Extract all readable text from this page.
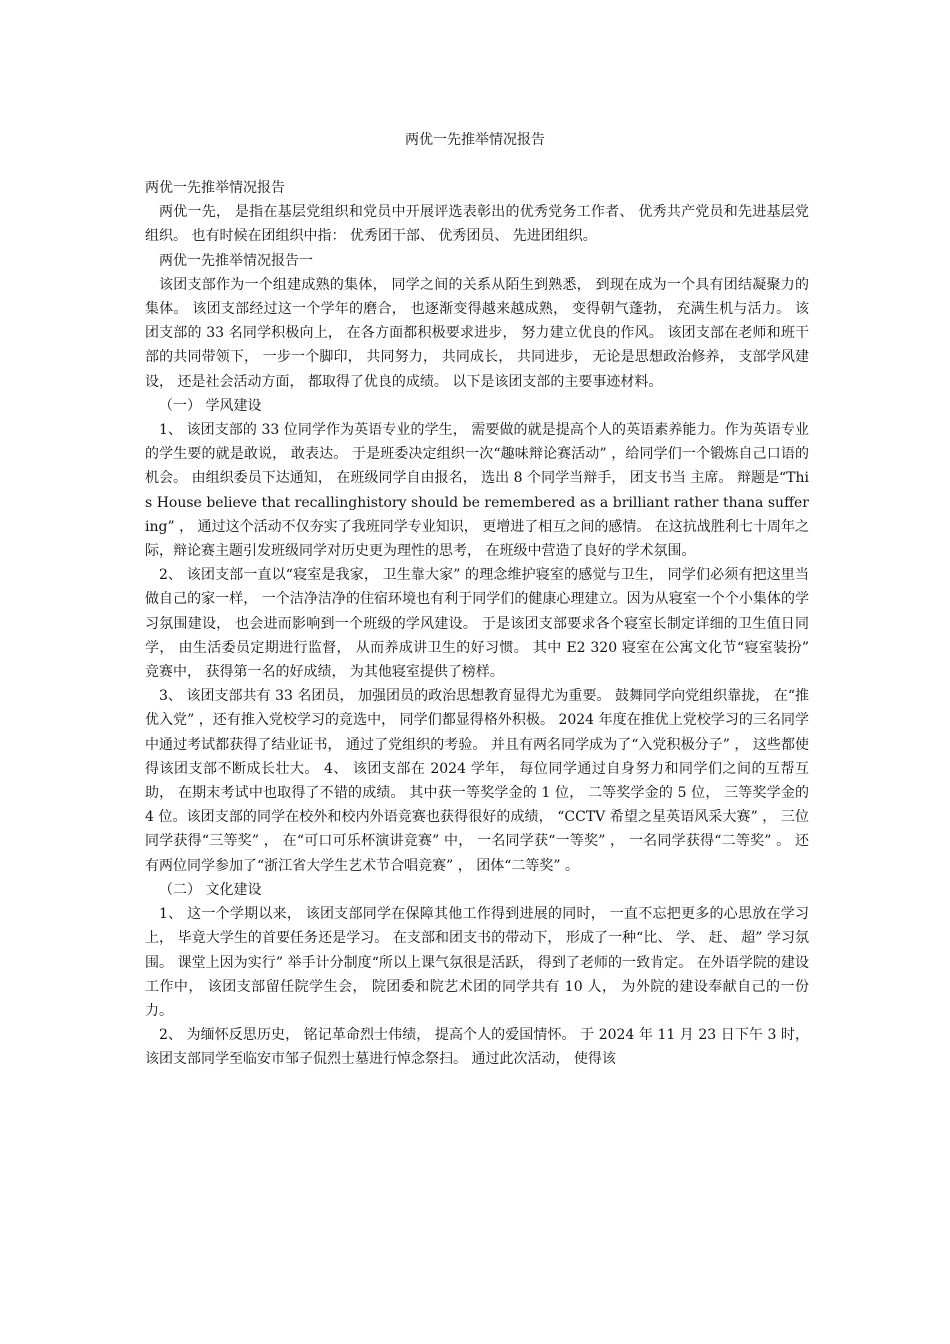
两优一先推举情况报告

两优一先推举情况报告

两优一先， 是指在基层党组织和党员中开展评选表彰出的优秀党务工作者、 优秀共产党员和先进基层党组织。 也有时候在团组织中指： 优秀团干部、 优秀团员、 先进团组织。

两优一先推举情况报告一

该团支部作为一个组建成熟的集体， 同学之间的关系从陌生到熟悉， 到现在成为一个具有团结凝聚力的集体。 该团支部经过这一个学年的磨合， 也逐渐变得越来越成熟， 变得朝气蓬勃， 充满生机与活力。 该团支部的 33 名同学积极向上， 在各方面都积极要求进步， 努力建立优良的作风。 该团支部在老师和班干部的共同带领下， 一步一个脚印， 共同努力， 共同成长， 共同进步， 无论是思想政治修养， 支部学风建设， 还是社会活动方面， 都取得了优良的成绩。 以下是该团支部的主要事迹材料。

（一） 学风建设

1、 该团支部的 33 位同学作为英语专业的学生， 需要做的就是提高个人的英语素养能力。作为英语专业的学生要的就是敢说， 敢表达。 于是班委决定组织一次“趣味辩论赛活动” ，给同学们一个锻炼自己口语的机会。 由组织委员下达通知， 在班级同学自由报名， 选出 8 个同学当辩手， 团支书当 主席。 辩题是“This House believe that recallinghistory should be remembered as a brilliant rather thana suffering” ， 通过这个活动不仅夯实了我班同学专业知识， 更增进了相互之间的感情。 在这抗战胜利七十周年之际，辩论赛主题引发班级同学对历史更为理性的思考， 在班级中营造了良好的学术氛围。

2、 该团支部一直以“寝室是我家， 卫生靠大家” 的理念维护寝室的感觉与卫生， 同学们必须有把这里当做自己的家一样， 一个洁净洁净的住宿环境也有利于同学们的健康心理建立。因为从寝室一个个小集体的学习氛围建设， 也会进而影响到一个班级的学风建设。 于是该团支部要求各个寝室长制定详细的卫生值日同学， 由生活委员定期进行监督， 从而养成讲卫生的好习惯。 其中 E2 320 寝室在公寓文化节“寝室装扮” 竞赛中， 获得第一名的好成绩， 为其他寝室提供了榜样。

3、 该团支部共有 33 名团员， 加强团员的政治思想教育显得尤为重要。 鼓舞同学向党组织靠拢， 在“推优入党” ，还有推入党校学习的竞选中， 同学们都显得格外积极。 2024 年度在推优上党校学习的三名同学中通过考试都获得了结业证书， 通过了党组织的考验。 并且有两名同学成为了“入党积极分子” ， 这些都使得该团支部不断成长壮大。 4、 该团支部在 2024 学年， 每位同学通过自身努力和同学们之间的互帮互助， 在期末考试中也取得了不错的成绩。 其中获一等奖学金的 1 位， 二等奖学金的 5 位， 三等奖学金的 4 位。该团支部的同学在校外和校内外语竞赛也获得很好的成绩， “CCTV 希望之星英语风采大赛” ， 三位同学获得“三等奖” ， 在“可口可乐杯演讲竞赛” 中， 一名同学获“一等奖” ， 一名同学获得“二等奖” 。 还有两位同学参加了“浙江省大学生艺术节合唱竞赛” ， 团体“二等奖” 。

（二） 文化建设

1、 这一个学期以来， 该团支部同学在保障其他工作得到进展的同时， 一直不忘把更多的心思放在学习上， 毕竟大学生的首要任务还是学习。 在支部和团支书的带动下， 形成了一种“比、 学、 赶、 超” 学习氛围。 课堂上因为实行” 举手计分制度“所以上课气氛很是活跃， 得到了老师的一致肯定。 在外语学院的建设工作中， 该团支部留任院学生会， 院团委和院艺术团的同学共有 10 人， 为外院的建设奉献自己的一份力。

2、 为缅怀反思历史， 铭记革命烈士伟绩， 提高个人的爱国情怀。 于 2024 年 11 月 23 日下午 3 时， 该团支部同学至临安市邹子侃烈士墓进行悼念祭扫。 通过此次活动， 使得该
